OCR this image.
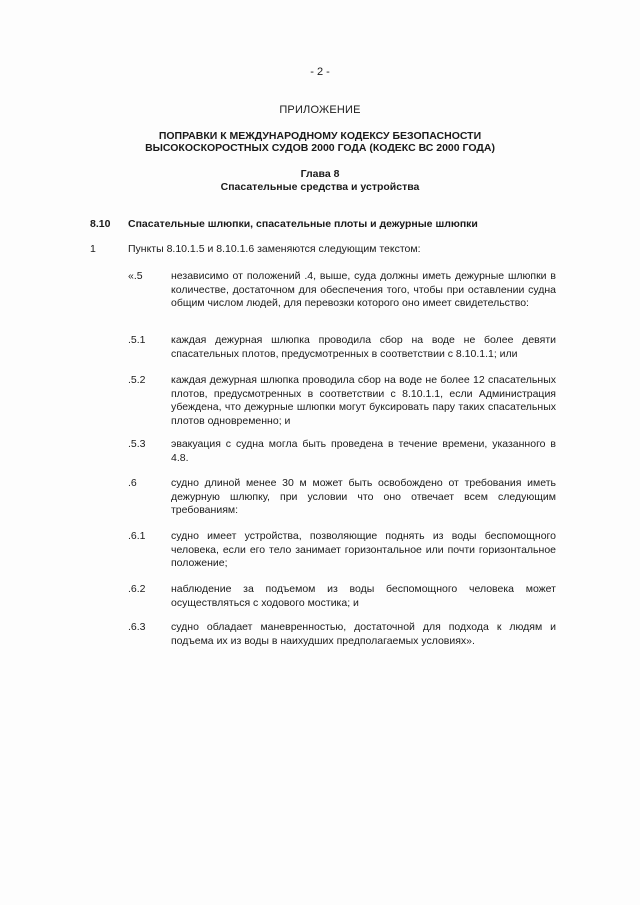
- 2 -
ПРИЛОЖЕНИЕ
ПОПРАВКИ К МЕЖДУНАРОДНОМУ КОДЕКСУ БЕЗОПАСНОСТИ
ВЫСОКОСКОРОСТНЫХ СУДОВ 2000 ГОДА (КОДЕКС ВС 2000 ГОДА)
Глава 8
Спасательные средства и устройства
8.10	Спасательные шлюпки, спасательные плоты и дежурные шлюпки
1	Пункты 8.10.1.5 и 8.10.1.6 заменяются следующим текстом:
«.5	независимо от положений .4, выше, суда должны иметь дежурные шлюпки в количестве, достаточном для обеспечения того, чтобы при оставлении судна общим числом людей, для перевозки которого оно имеет свидетельство:
.5.1 каждая дежурная шлюпка проводила сбор на воде не более девяти спасательных плотов, предусмотренных в соответствии с 8.10.1.1; или
.5.2 каждая дежурная шлюпка проводила сбор на воде не более 12 спасательных плотов, предусмотренных в соответствии с 8.10.1.1, если Администрация убеждена, что дежурные шлюпки могут буксировать пару таких спасательных плотов одновременно; и
.5.3 эвакуация с судна могла быть проведена в течение времени, указанного в 4.8.
.6	судно длиной менее 30 м может быть освобождено от требования иметь дежурную шлюпку, при условии что оно отвечает всем следующим требованиям:
.6.1 судно имеет устройства, позволяющие поднять из воды беспомощного человека, если его тело занимает горизонтальное или почти горизонтальное положение;
.6.2 наблюдение за подъемом из воды беспомощного человека может осуществляться с ходового мостика; и
.6.3 судно обладает маневренностью, достаточной для подхода к людям и подъема их из воды в наихудших предполагаемых условиях».
